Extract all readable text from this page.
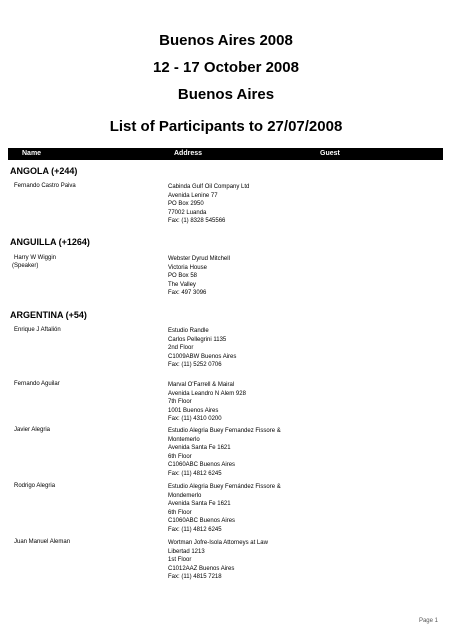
Buenos Aires 2008
12 - 17 October 2008
Buenos Aires
List of Participants to 27/07/2008
Name	Address	Guest
ANGOLA (+244)
Fernando Castro Paiva	Cabinda Gulf Oil Company Ltd
Avenida Lenine 77
PO Box 2950
77002 Luanda
Fax: (1) 8328 545566
ANGUILLA (+1264)
Harry W Wiggin
(Speaker)
Webster Dyrud Mitchell
Victoria House
PO Box 58
The Valley
Fax: 497 3096
ARGENTINA (+54)
Enrique J Aftalión	Estudio Randle
Carlos Pellegrini 1135
2nd Floor
C1009ABW Buenos Aires
Fax: (11) 5252 0706
Fernando Aguilar	Marval O'Farrell & Mairal
Avenida Leandro N Alem 928
7th Floor
1001 Buenos Aires
Fax: (11) 4310 0200
Javier Alegria	Estudio Alegria Buey Fernandez Fissore &
Montemerlo
Avenida Santa Fe 1621
6th Floor
C1060ABC Buenos Aires
Fax: (11) 4812 6245
Rodrigo Alegria	Estudio Alegria Buey Fernández Fissore &
Mondemerlo
Avenida Santa Fe 1621
6th Floor
C1060ABC Buenos Aires
Fax: (11) 4812 6245
Juan Manuel Aleman	Wortman Jofre-Isola Attorneys at Law
Libertad 1213
1st Floor
C1012AAZ Buenos Aires
Fax: (11) 4815 7218
Page 1
